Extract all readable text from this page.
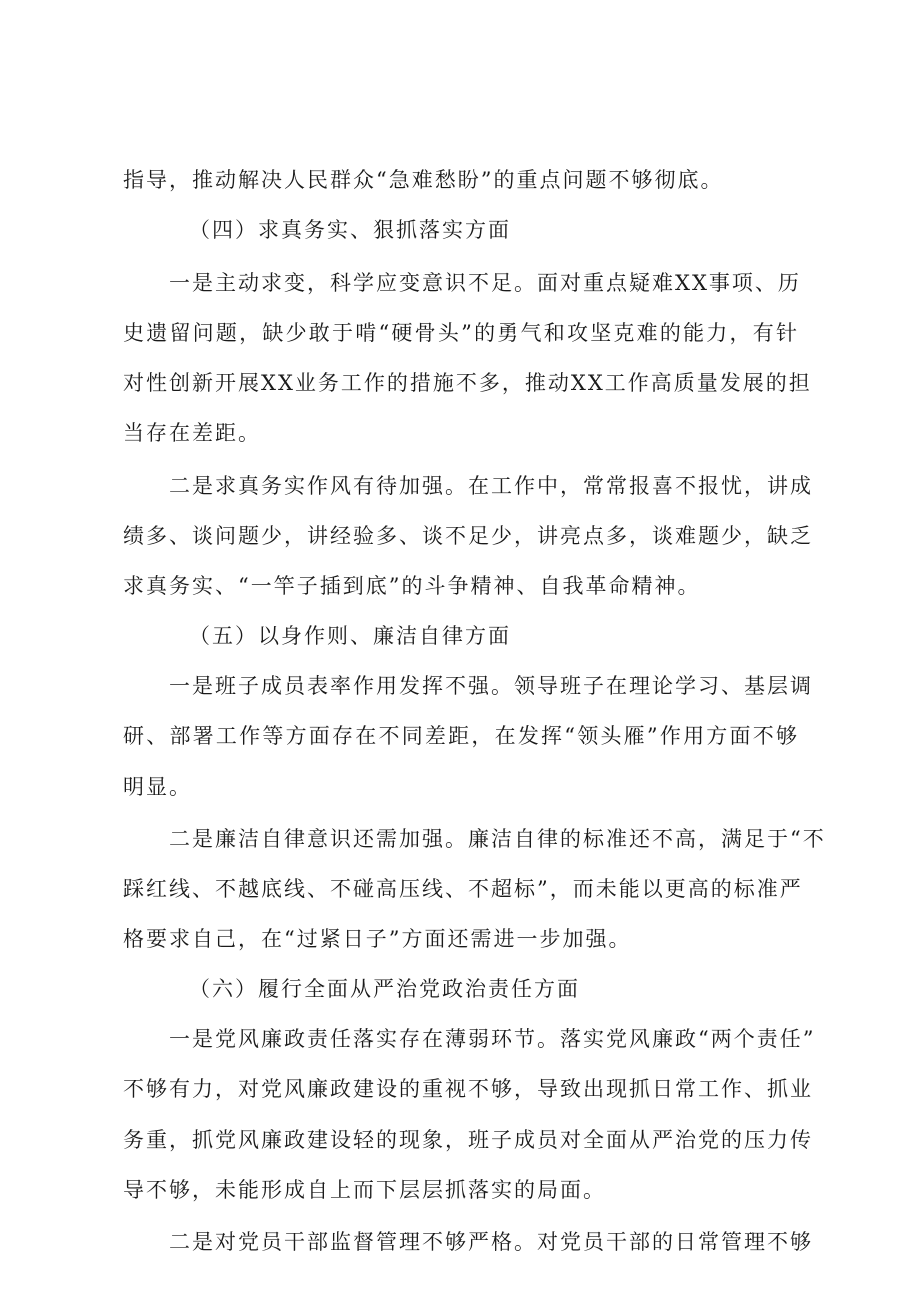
指导，推动解决人民群众“急难愁盼”的重点问题不够彻底。
（四）求真务实、狠抓落实方面
一是主动求变，科学应变意识不足。面对重点疑难XX事项、历
史遗留问题，缺少敢于啃“硬骨头”的勇气和攻坚克难的能力，有针
对性创新开展XX业务工作的措施不多，推动XX工作高质量发展的担
当存在差距。
二是求真务实作风有待加强。在工作中，常常报喜不报忧，讲成
绩多、谈问题少，讲经验多、谈不足少，讲亮点多，谈难题少，缺乏
求真务实、“一竿子插到底”的斗争精神、自我革命精神。
（五）以身作则、廉洁自律方面
一是班子成员表率作用发挥不强。领导班子在理论学习、基层调
研、部署工作等方面存在不同差距，在发挥“领头雁”作用方面不够
明显。
二是廉洁自律意识还需加强。廉洁自律的标准还不高，满足于“不
踩红线、不越底线、不碰高压线、不超标”，而未能以更高的标准严
格要求自己，在“过紧日子”方面还需进一步加强。
（六）履行全面从严治党政治责任方面
一是党风廉政责任落实存在薄弱环节。落实党风廉政“两个责任”
不够有力，对党风廉政建设的重视不够，导致出现抓日常工作、抓业
务重，抓党风廉政建设轻的现象，班子成员对全面从严治党的压力传
导不够，未能形成自上而下层层抓落实的局面。
二是对党员干部监督管理不够严格。对党员干部的日常管理不够
